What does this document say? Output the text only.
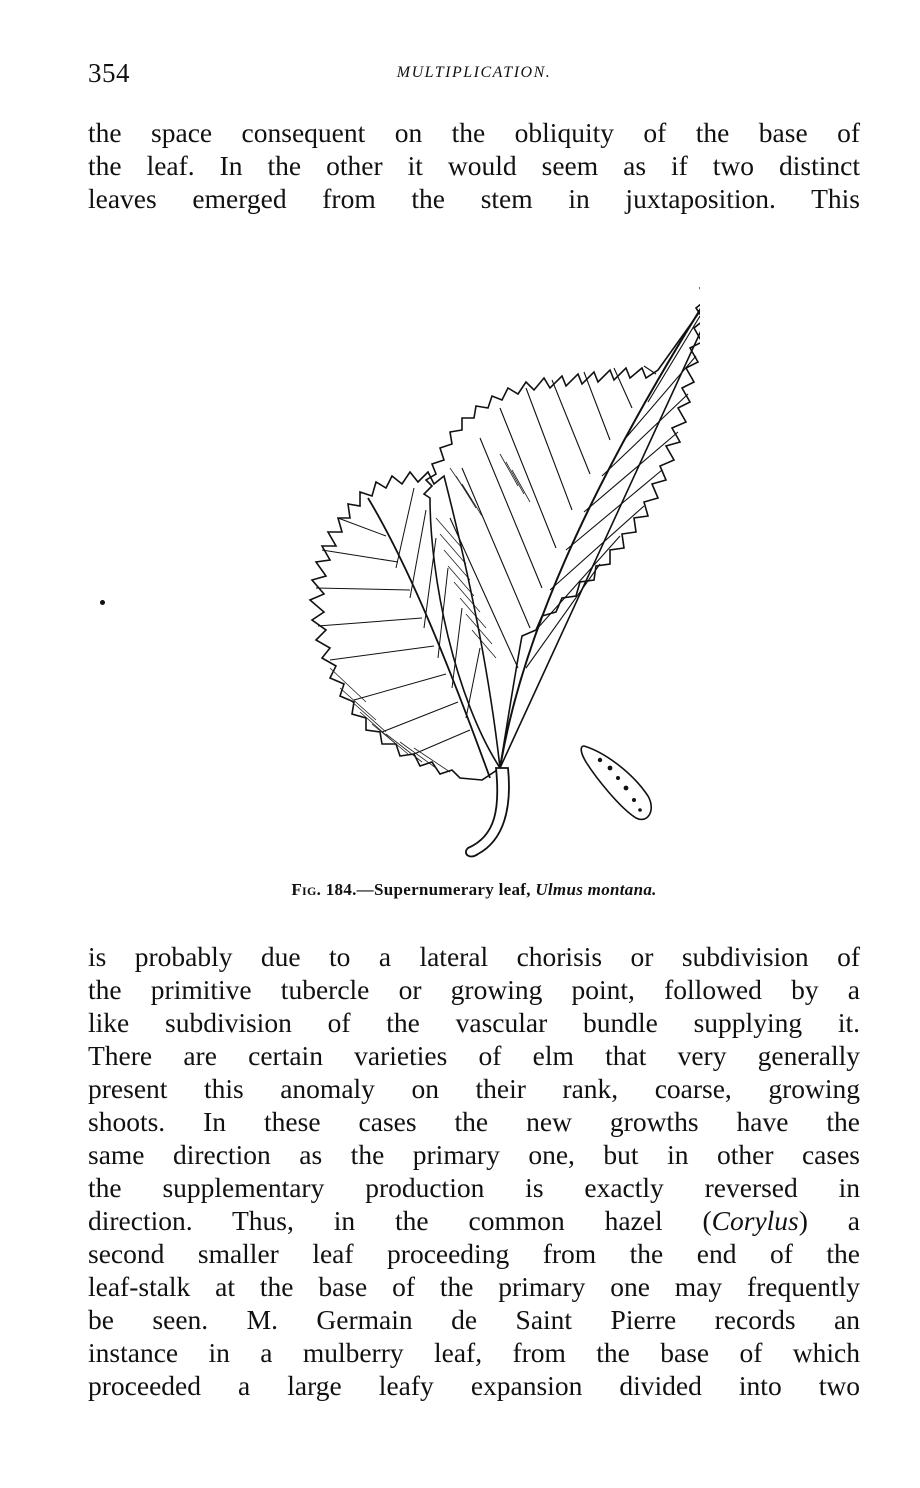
354	MULTIPLICATION.

the space consequent on the obliquity of the base of
the leaf. In the other it would seem as if two distinct
leaves emerged from the stem in juxtaposition. This

Fig. 184.—Supernumerary leaf, Ulmus montana.

is probably due to a lateral chorisis or subdivision of
the primitive tubercle or growing point, followed by a
like subdivision of the vascular bundle supplying it.
There are certain varieties of elm that very generally
present this anomaly on their rank, coarse, growing
shoots. In these cases the new growths have the
same direction as the primary one, but in other cases
the supplementary production is exactly reversed in
direction. Thus, in the common hazel (Corylus) a
second smaller leaf proceeding from the end of the
leaf-stalk at the base of the primary one may frequently
be seen. M. Germain de Saint Pierre records an
instance in a mulberry leaf, from the base of which
proceeded a large leafy expansion divided into two
